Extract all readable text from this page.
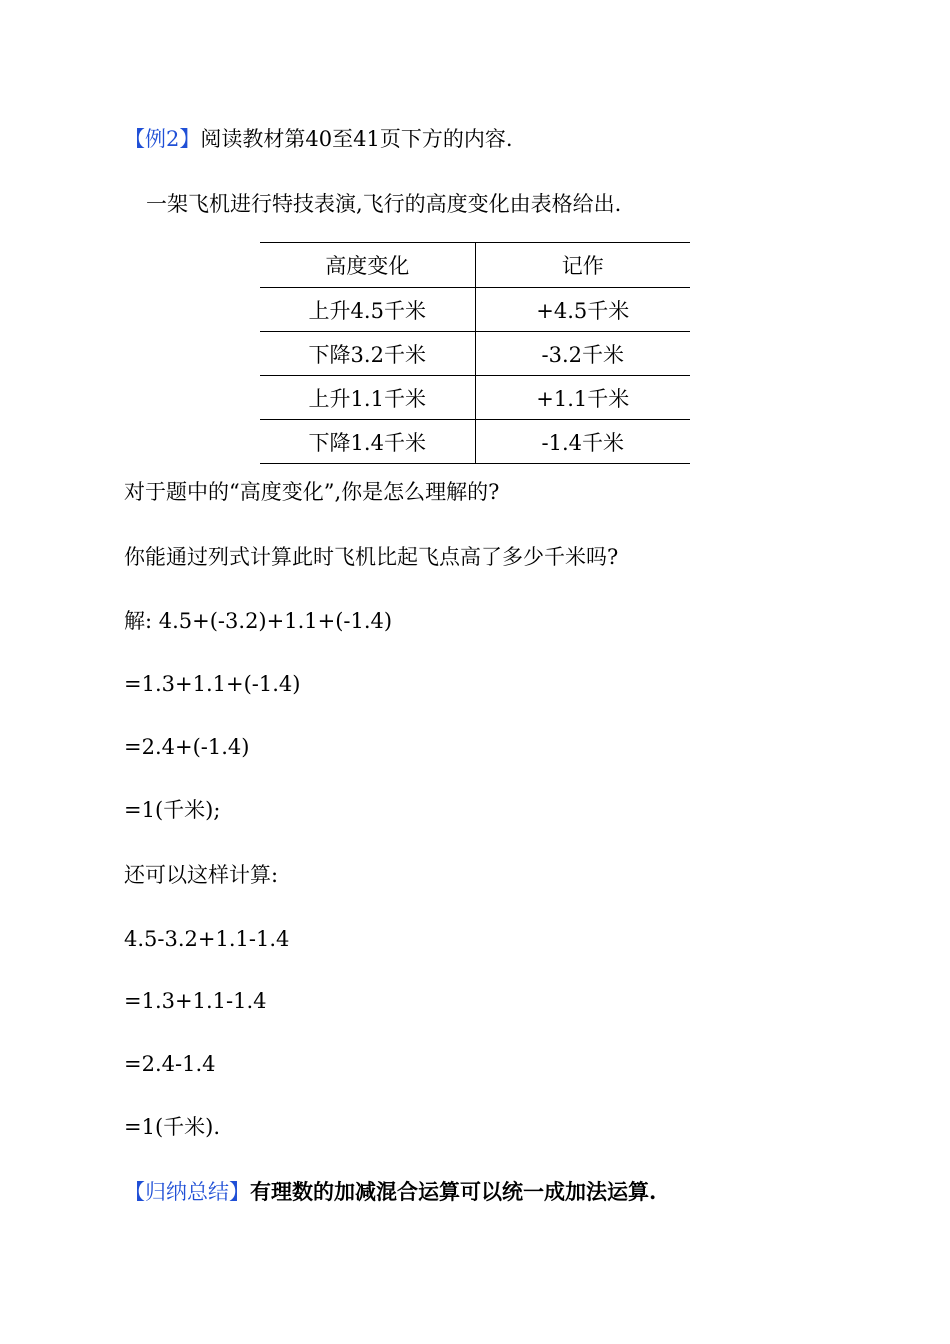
【例2】阅读教材第40至41页下方的内容.
一架飞机进行特技表演,飞行的高度变化由表格给出.
高度变化	记作
上升4.5千米	+4.5千米
下降3.2千米	-3.2千米
上升1.1千米	+1.1千米
下降1.4千米	-1.4千米
对于题中的“高度变化”,你是怎么理解的?
你能通过列式计算此时飞机比起飞点高了多少千米吗?
解: 4.5+(-3.2)+1.1+(-1.4)
=1.3+1.1+(-1.4)
=2.4+(-1.4)
=1(千米);
还可以这样计算:
4.5-3.2+1.1-1.4
=1.3+1.1-1.4
=2.4-1.4
=1(千米).
【归纳总结】有理数的加减混合运算可以统一成加法运算.
